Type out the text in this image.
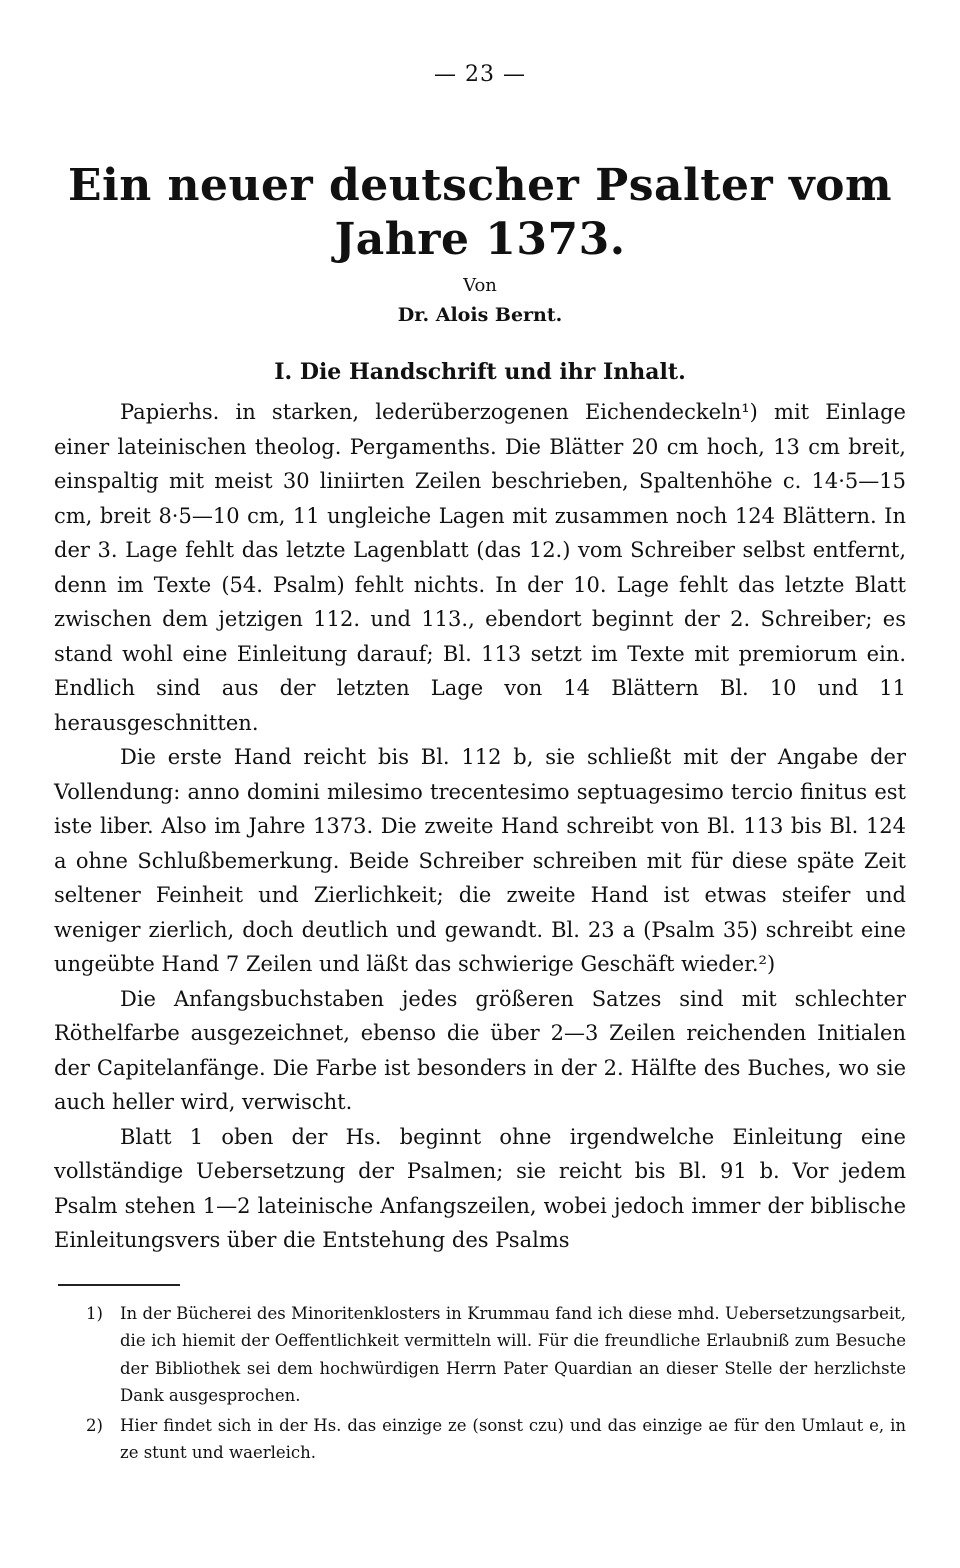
— 23 —
Ein neuer deutscher Psalter vom Jahre 1373.
Von
Dr. Alois Bernt.
I. Die Handschrift und ihr Inhalt.

Papierhs. in starken, lederüberzogenen Eichendeckeln¹) mit Einlage einer lateinischen theolog. Pergamenths. Die Blätter 20 cm hoch, 13 cm breit, einspaltig mit meist 30 liniirten Zeilen beschrieben, Spaltenhöhe c. 14·5—15 cm, breit 8·5—10 cm, 11 ungleiche Lagen mit zusammen noch 124 Blättern. In der 3. Lage fehlt das letzte Lagenblatt (das 12.) vom Schreiber selbst entfernt, denn im Texte (54. Psalm) fehlt nichts. In der 10. Lage fehlt das letzte Blatt zwischen dem jetzigen 112. und 113., ebendort beginnt der 2. Schreiber; es stand wohl eine Einleitung darauf; Bl. 113 setzt im Texte mit premiorum ein. Endlich sind aus der letzten Lage von 14 Blättern Bl. 10 und 11 herausgeschnitten.

Die erste Hand reicht bis Bl. 112 b, sie schließt mit der Angabe der Vollendung: anno domini milesimo trecentesimo septuagesimo tercio finitus est iste liber. Also im Jahre 1373. Die zweite Hand schreibt von Bl. 113 bis Bl. 124 a ohne Schlußbemerkung. Beide Schreiber schreiben mit für diese späte Zeit seltener Feinheit und Zierlichkeit; die zweite Hand ist etwas steifer und weniger zierlich, doch deutlich und gewandt. Bl. 23 a (Psalm 35) schreibt eine ungeübte Hand 7 Zeilen und läßt das schwierige Geschäft wieder.²)

Die Anfangsbuchstaben jedes größeren Satzes sind mit schlechter Röthelfarbe ausgezeichnet, ebenso die über 2—3 Zeilen reichenden Initialen der Capitelanfänge. Die Farbe ist besonders in der 2. Hälfte des Buches, wo sie auch heller wird, verwischt.

Blatt 1 oben der Hs. beginnt ohne irgendwelche Einleitung eine vollständige Uebersetzung der Psalmen; sie reicht bis Bl. 91 b. Vor jedem Psalm stehen 1—2 lateinische Anfangszeilen, wobei jedoch immer der biblische Einleitungsvers über die Entstehung des Psalms

1) In der Bücherei des Minoritenklosters in Krummau fand ich diese mhd. Uebersetzungsarbeit, die ich hiemit der Oeffentlichkeit vermitteln will. Für die freundliche Erlaubniß zum Besuche der Bibliothek sei dem hochwürdigen Herrn Pater Quardian an dieser Stelle der herzlichste Dank ausgesprochen.

2) Hier findet sich in der Hs. das einzige ze (sonst czu) und das einzige ae für den Umlaut e, in ze stunt und waerleich.
